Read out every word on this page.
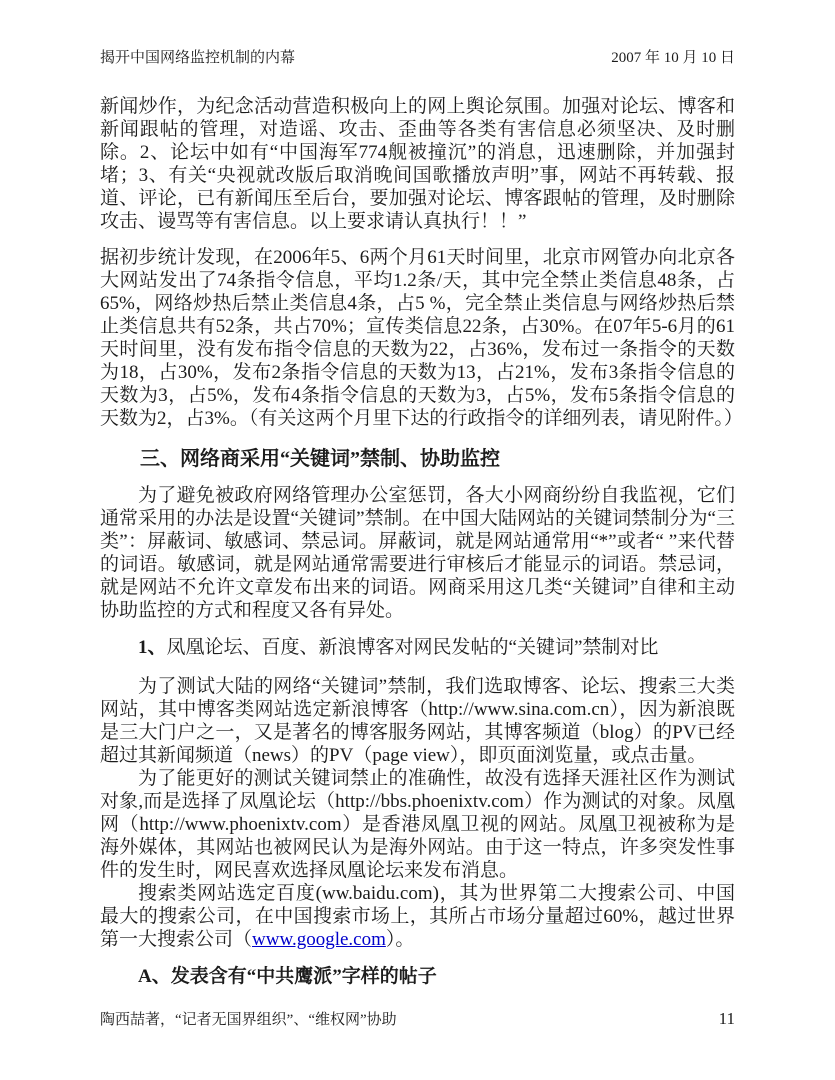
揭开中国网络监控机制的内幕	2007 年 10 月 10 日

新闻炒作，为纪念活动营造积极向上的网上舆论氛围。加强对论坛、博客和新闻跟帖的管理，对造谣、攻击、歪曲等各类有害信息必须坚决、及时删除。2、论坛中如有“中国海军774舰被撞沉”的消息，迅速删除，并加强封堵；3、有关“央视就改版后取消晚间国歌播放声明”事，网站不再转载、报道、评论，已有新闻压至后台，要加强对论坛、博客跟帖的管理，及时删除攻击、谩骂等有害信息。以上要求请认真执行！！”

据初步统计发现，在2006年5、6两个月61天时间里，北京市网管办向北京各大网站发出了74条指令信息，平均1.2条/天，其中完全禁止类信息48条，占65%，网络炒热后禁止类信息4条，占5 %，完全禁止类信息与网络炒热后禁止类信息共有52条，共占70%；宣传类信息22条，占30%。在07年5-6月的61天时间里，没有发布指令信息的天数为22，占36%，发布过一条指令的天数为18，占30%，发布2条指令信息的天数为13，占21%，发布3条指令信息的天数为3，占5%，发布4条指令信息的天数为3，占5%，发布5条指令信息的天数为2，占3%。（有关这两个月里下达的行政指令的详细列表，请见附件。）

三、网络商采用“关键词”禁制、协助监控

为了避免被政府网络管理办公室惩罚，各大小网商纷纷自我监视，它们通常采用的办法是设置“关键词”禁制。在中国大陆网站的关键词禁制分为“三类”：屏蔽词、敏感词、禁忌词。屏蔽词，就是网站通常用“*”或者“ ”来代替的词语。敏感词，就是网站通常需要进行审核后才能显示的词语。禁忌词，就是网站不允许文章发布出来的词语。网商采用这几类“关键词”自律和主动协助监控的方式和程度又各有异处。

1、凤凰论坛、百度、新浪博客对网民发帖的“关键词”禁制对比

为了测试大陆的网络“关键词”禁制，我们选取博客、论坛、搜索三大类网站，其中博客类网站选定新浪博客（http://www.sina.com.cn），因为新浪既是三大门户之一，又是著名的博客服务网站，其博客频道（blog）的PV已经超过其新闻频道（news）的PV（page view），即页面浏览量，或点击量。

为了能更好的测试关键词禁止的准确性，故没有选择天涯社区作为测试对象,而是选择了凤凰论坛（http://bbs.phoenixtv.com）作为测试的对象。凤凰网（http://www.phoenixtv.com）是香港凤凰卫视的网站。凤凰卫视被称为是海外媒体，其网站也被网民认为是海外网站。由于这一特点，许多突发性事件的发生时，网民喜欢选择凤凰论坛来发布消息。

搜索类网站选定百度(ww.baidu.com)，其为世界第二大搜索公司、中国最大的搜索公司，在中国搜索市场上，其所占市场分量超过60%，越过世界第一大搜索公司（www.google.com）。

A、发表含有“中共鹰派”字样的帖子
陶西喆著，“记者无国界组织”、“维权网”协助	11
